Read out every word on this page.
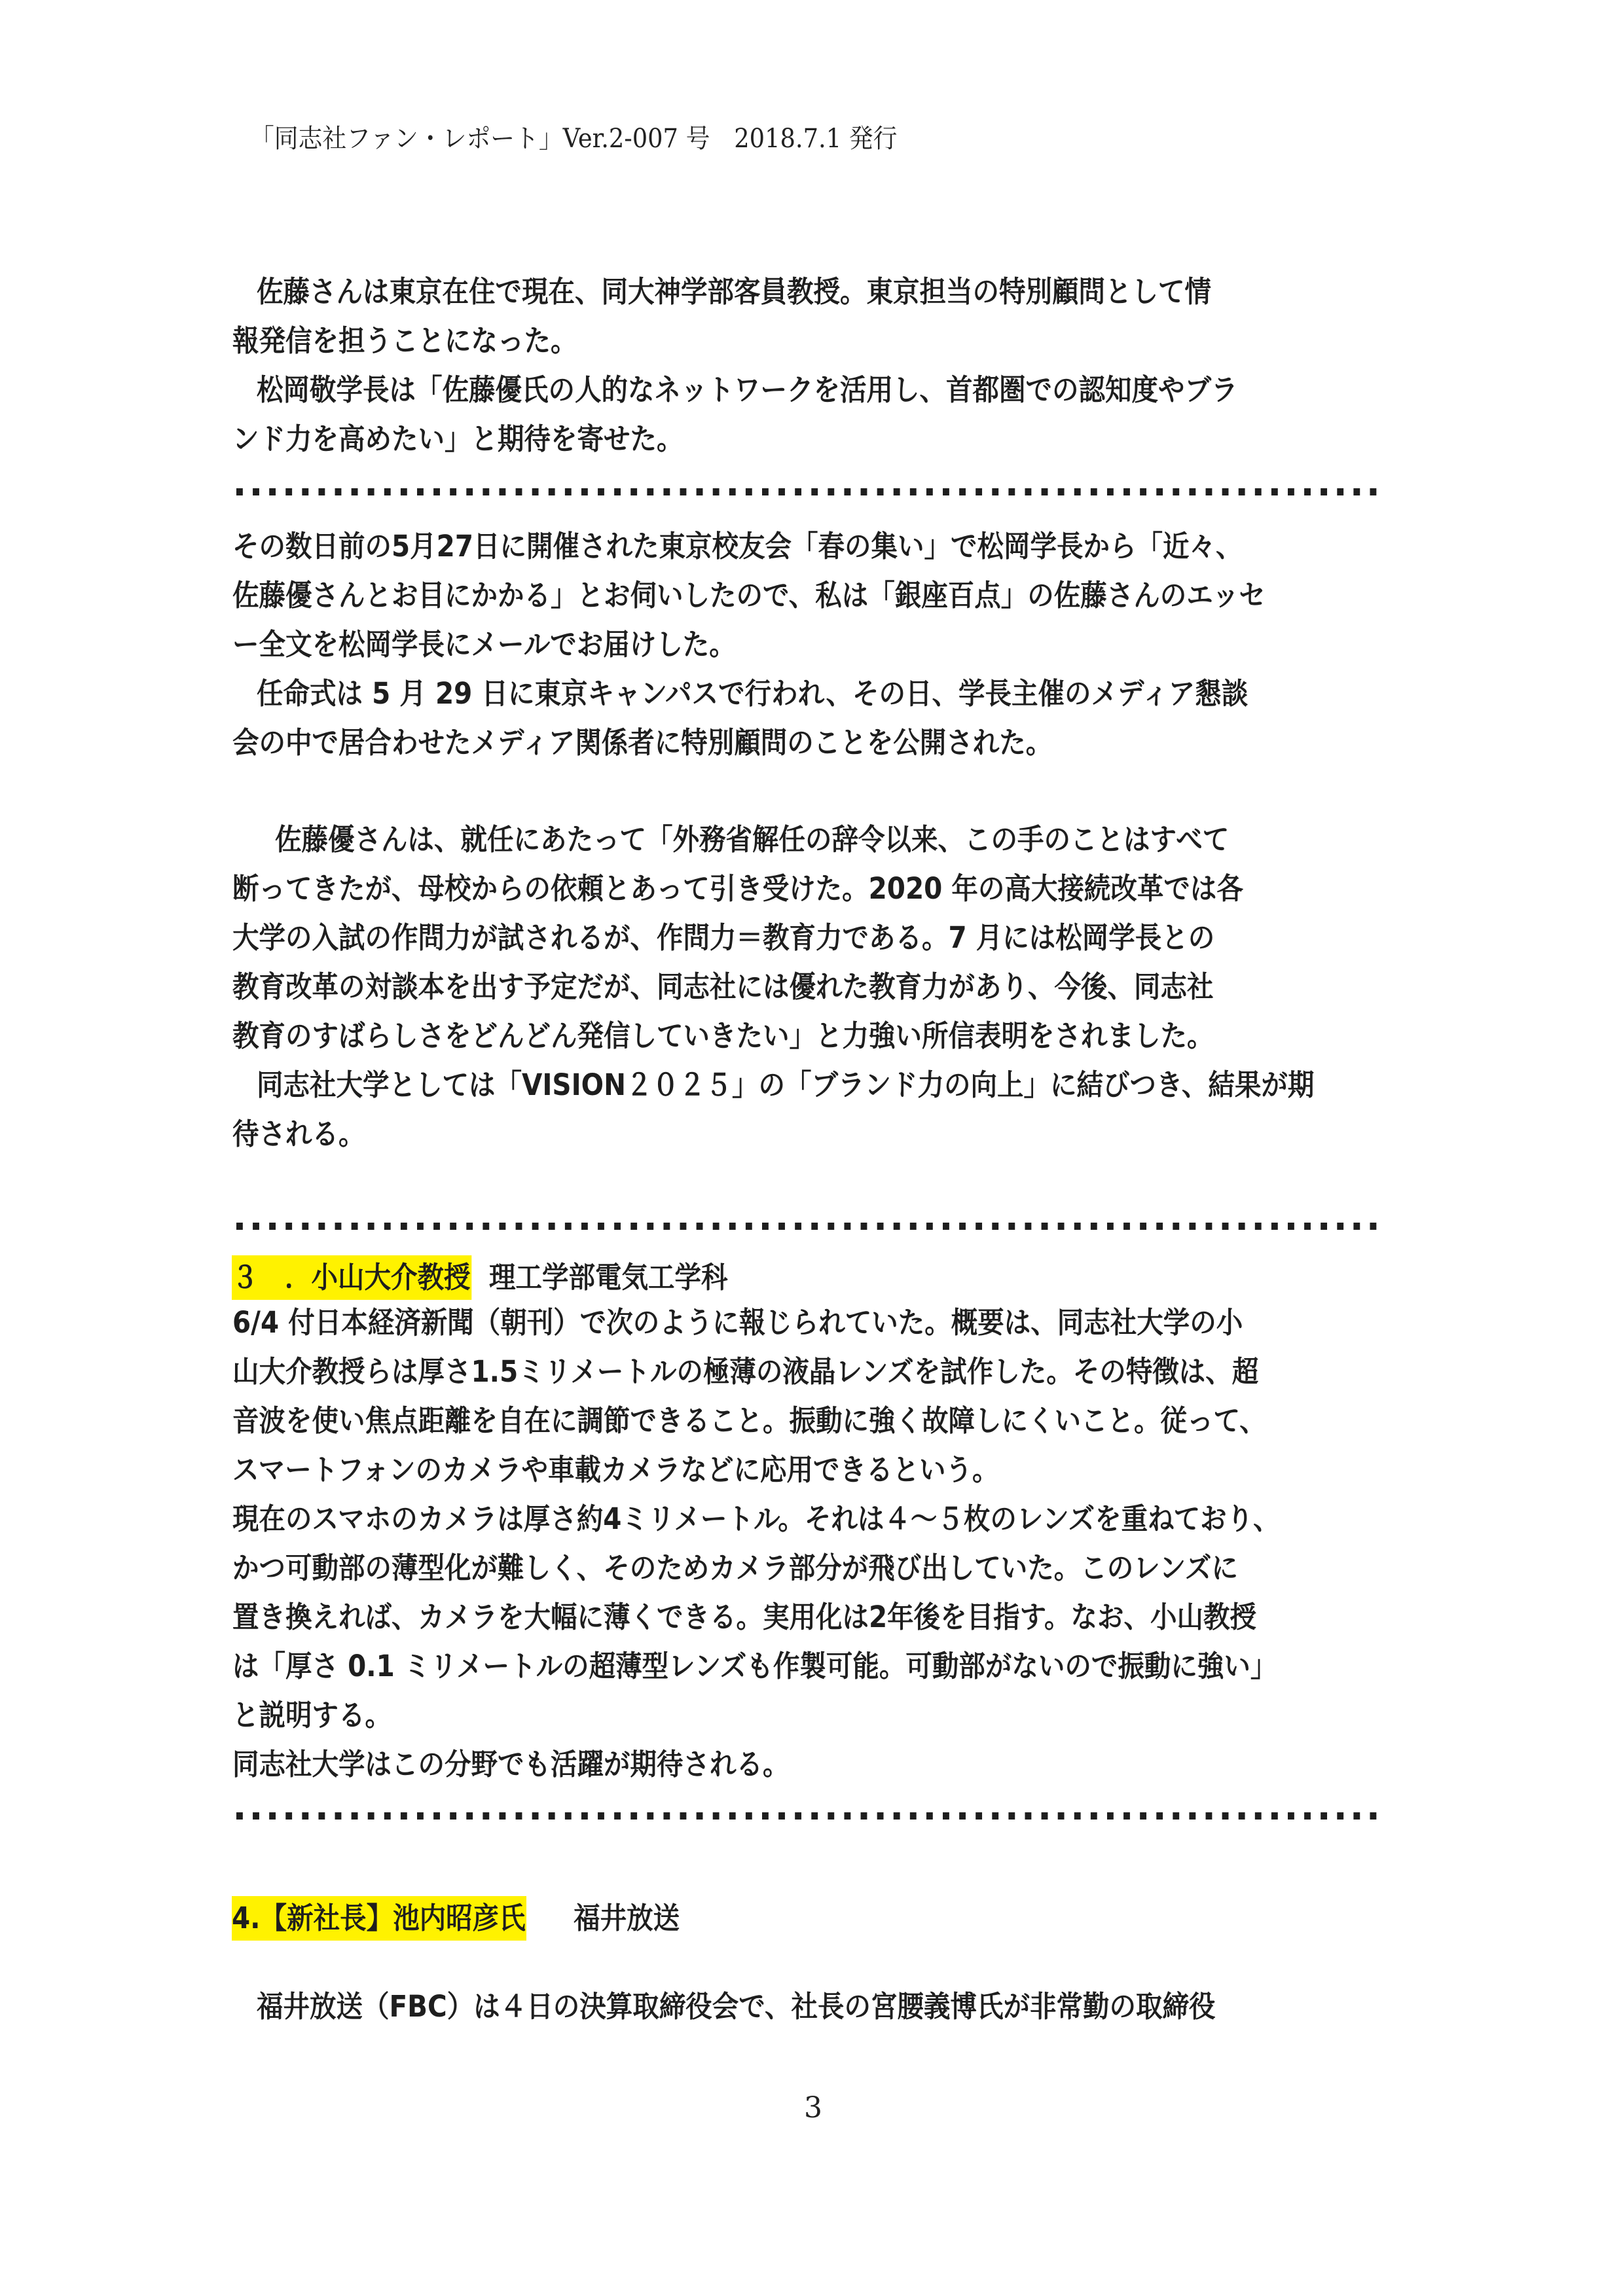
「同志社ファン・レポート」Ver.2-007 号　2018.7.1 発行
佐藤さんは東京在住で現在、同大神学部客員教授。東京担当の特別顧問として情
報発信を担うことになった。
松岡敬学長は「佐藤優氏の人的なネットワークを活用し、首都圏での認知度やブラ
ンド力を高めたい」と期待を寄せた。
その数日前の5月27日に開催された東京校友会「春の集い」で松岡学長から「近々、
佐藤優さんとお目にかかる」とお伺いしたので、私は「銀座百点」の佐藤さんのエッセ
ー全文を松岡学長にメールでお届けした。
任命式は 5 月 29 日に東京キャンパスで行われ、その日、学長主催のメディア懇談
会の中で居合わせたメディア関係者に特別顧問のことを公開された。
佐藤優さんは、就任にあたって「外務省解任の辞令以来、この手のことはすべて
断ってきたが、母校からの依頼とあって引き受けた。2020 年の高大接続改革では各
大学の入試の作問力が試されるが、作問力＝教育力である。7 月には松岡学長との
教育改革の対談本を出す予定だが、同志社には優れた教育力があり、今後、同志社
教育のすばらしさをどんどん発信していきたい」と力強い所信表明をされました。
同志社大学としては「VISION２０２５」の「ブランド力の向上」に結びつき、結果が期
待される。
３　．小山大介教授 理工学部電気工学科
6/4 付日本経済新聞（朝刊）で次のように報じられていた。概要は、同志社大学の小
山大介教授らは厚さ1.5ミリメートルの極薄の液晶レンズを試作した。その特徴は、超
音波を使い焦点距離を自在に調節できること。振動に強く故障しにくいこと。従って、
スマートフォンのカメラや車載カメラなどに応用できるという。
現在のスマホのカメラは厚さ約4ミリメートル。それは４～５枚のレンズを重ねており、
かつ可動部の薄型化が難しく、そのためカメラ部分が飛び出していた。このレンズに
置き換えれば、カメラを大幅に薄くできる。実用化は2年後を目指す。なお、小山教授
は「厚さ 0.1 ミリメートルの超薄型レンズも作製可能。可動部がないので振動に強い」
と説明する。
同志社大学はこの分野でも活躍が期待される。
4.【新社長】池内昭彦氏 福井放送
福井放送（FBC）は４日の決算取締役会で、社長の宮腰義博氏が非常勤の取締役
3
